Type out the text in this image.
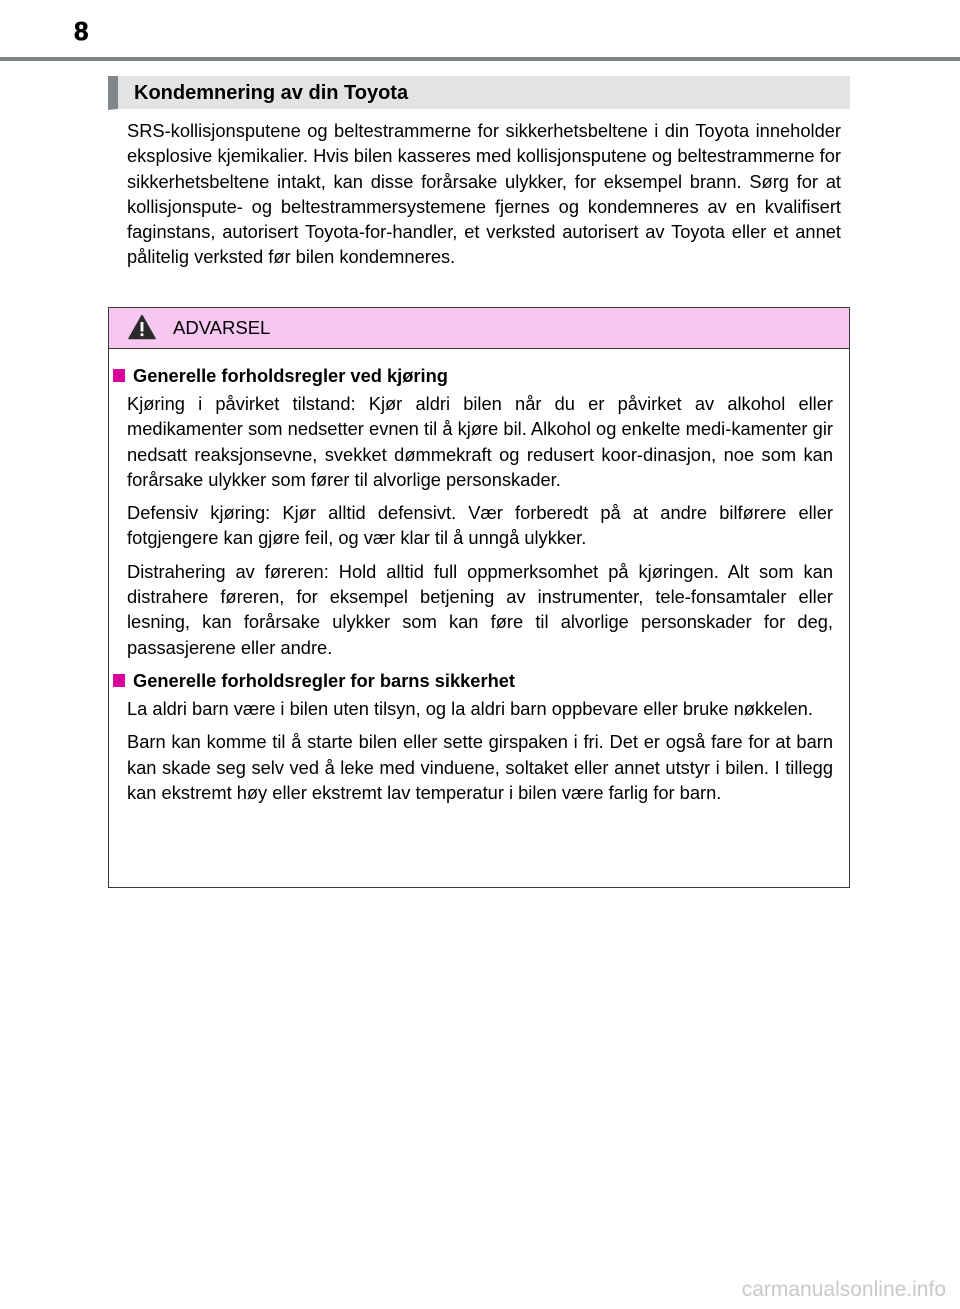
8
Kondemnering av din Toyota
SRS-kollisjonsputene og beltestrammerne for sikkerhetsbeltene i din Toyota inneholder eksplosive kjemikalier. Hvis bilen kasseres med kollisjonsputene og beltestrammerne for sikkerhetsbeltene intakt, kan disse forårsake ulykker, for eksempel brann. Sørg for at kollisjonspute- og beltestrammersystemene fjernes og kondemneres av en kvalifisert faginstans, autorisert Toyota-for-handler, et verksted autorisert av Toyota eller et annet pålitelig verksted før bilen kondemneres.
ADVARSEL
Generelle forholdsregler ved kjøring
Kjøring i påvirket tilstand: Kjør aldri bilen når du er påvirket av alkohol eller medikamenter som nedsetter evnen til å kjøre bil. Alkohol og enkelte medi-kamenter gir nedsatt reaksjonsevne, svekket dømmekraft og redusert koor-dinasjon, noe som kan forårsake ulykker som fører til alvorlige personskader.
Defensiv kjøring: Kjør alltid defensivt. Vær forberedt på at andre bilførere eller fotgjengere kan gjøre feil, og vær klar til å unngå ulykker.
Distrahering av føreren: Hold alltid full oppmerksomhet på kjøringen. Alt som kan distrahere føreren, for eksempel betjening av instrumenter, tele-fonsamtaler eller lesning, kan forårsake ulykker som kan føre til alvorlige personskader for deg, passasjerene eller andre.
Generelle forholdsregler for barns sikkerhet
La aldri barn være i bilen uten tilsyn, og la aldri barn oppbevare eller bruke nøkkelen.
Barn kan komme til å starte bilen eller sette girspaken i fri. Det er også fare for at barn kan skade seg selv ved å leke med vinduene, soltaket eller annet utstyr i bilen. I tillegg kan ekstremt høy eller ekstremt lav temperatur i bilen være farlig for barn.
carmanualsonline.info
